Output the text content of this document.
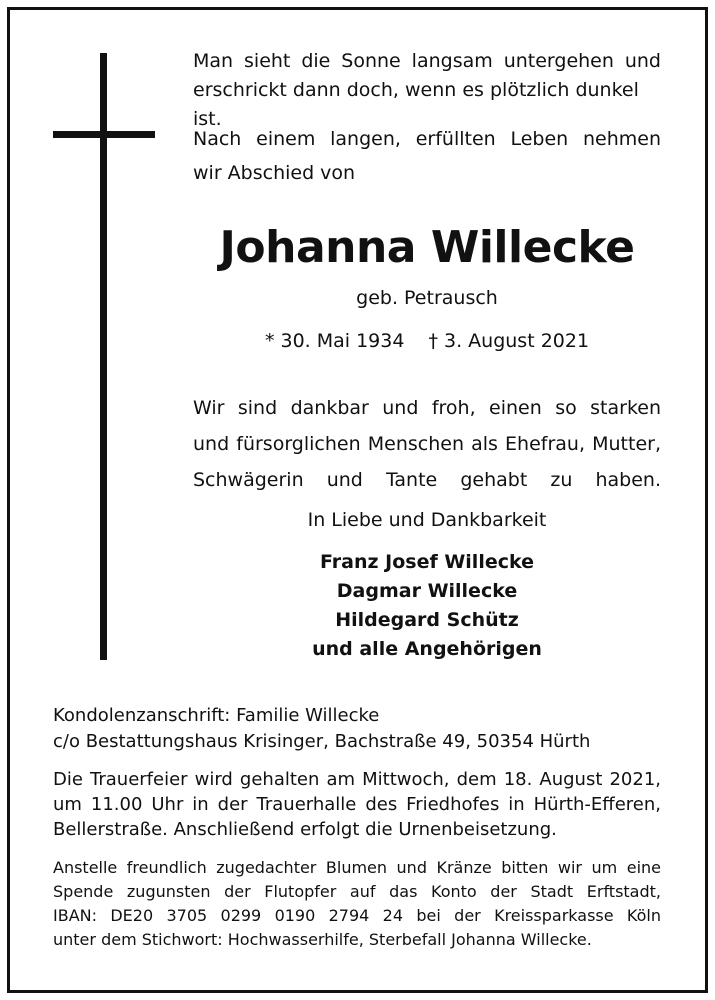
Man sieht die Sonne langsam untergehen und
erschrickt dann doch, wenn es plötzlich dunkel ist.
Nach einem langen, erfüllten Leben nehmen
wir Abschied von
Johanna Willecke
geb. Petrausch
* 30. Mai 1934 † 3. August 2021
Wir sind dankbar und froh, einen so starken
und fürsorglichen Menschen als Ehefrau, Mutter,
Schwägerin und Tante gehabt zu haben.
In Liebe und Dankbarkeit
Franz Josef Willecke
Dagmar Willecke
Hildegard Schütz
und alle Angehörigen
Kondolenzanschrift: Familie Willecke
c/o Bestattungshaus Krisinger, Bachstraße 49, 50354 Hürth
Die Trauerfeier wird gehalten am Mittwoch, dem 18. August 2021,
um 11.00 Uhr in der Trauerhalle des Friedhofes in Hürth-Efferen,
Bellerstraße. Anschließend erfolgt die Urnenbeisetzung.
Anstelle freundlich zugedachter Blumen und Kränze bitten wir um eine
Spende zugunsten der Flutopfer auf das Konto der Stadt Erftstadt,
IBAN: DE20 3705 0299 0190 2794 24 bei der Kreissparkasse Köln
unter dem Stichwort: Hochwasserhilfe, Sterbefall Johanna Willecke.
